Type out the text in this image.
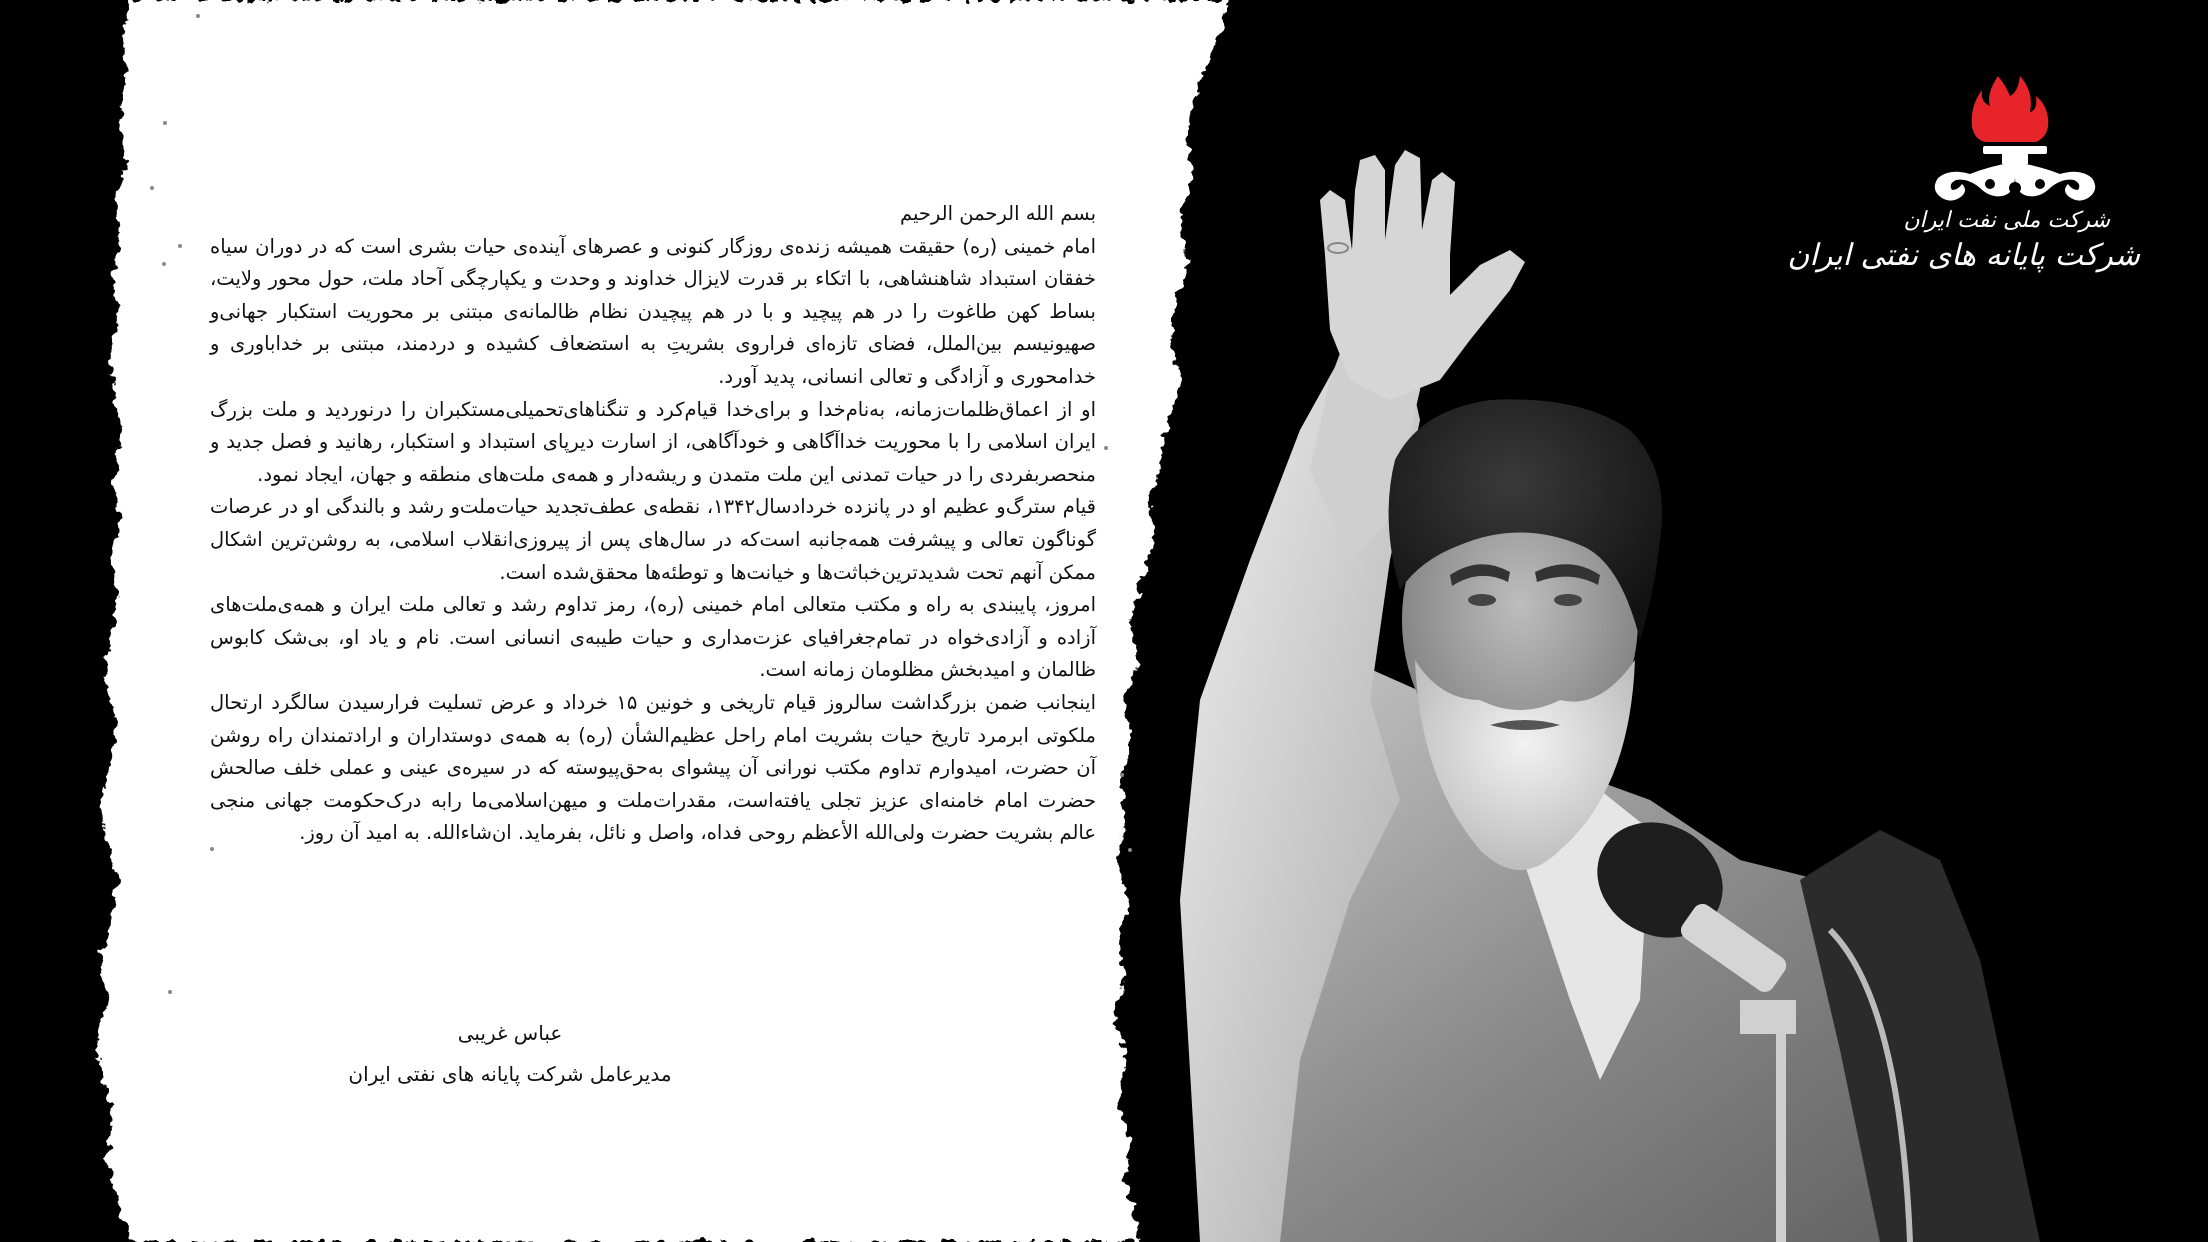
بسم الله الرحمن الرحیم

امام خمینی (ره) حقیقت همیشه زنده‌ی روزگار کنونی و عصرهای آینده‌ی حیات بشری است که در دوران سیاه خفقان استبداد شاهنشاهی، با اتکاء بر قدرت لایزال خداوند و وحدت و یکپارچگی آحاد ملت، حول محور ولایت، بساط کهن طاغوت را در هم پیچید و با در هم پیچیدن نظام ظالمانه‌ی مبتنی بر محوریت استکبار جهانی‌و صهیونیسم بین‌الملل، فضای تازه‌ای فراروی بشریتِ به استضعاف کشیده و دردمند، مبتنی بر خداباوری و خدامحوری و آزادگی و تعالی انسانی، پدید آورد.

او از اعماق‌ظلمات‌زمانه، به‌نام‌خدا و برای‌خدا قیام‌کرد و تنگناهای‌تحمیلی‌مستکبران را درنوردید و ملت بزرگ ایران اسلامی را با محوریت خداآگاهی و خودآگاهی، از اسارت دیرپای استبداد و استکبار، رهانید و فصل جدید و منحصربفردی را در حیات تمدنی این ملت متمدن و ریشه‌دار و همه‌ی ملت‌های منطقه و جهان، ایجاد نمود.

قیام سترگ‌و عظیم او در پانزده خردادسال۱۳۴۲، نقطه‌ی عطف‌تجدید حیات‌ملت‌و رشد و بالندگی او در عرصات گوناگون تعالی و پیشرفت همه‌جانبه است‌که در سال‌های پس از پیروزی‌انقلاب اسلامی، به روشن‌ترین اشکال ممکن آنهم تحت شدیدترین‌خباثت‌ها و خیانت‌ها و توطئه‌ها محقق‌شده است.

امروز، پایبندی به راه و مکتب متعالی امام خمینی (ره)، رمز تداوم رشد و تعالی ملت ایران و همه‌ی‌ملت‌های آزاده و آزادی‌خواه در تمام‌جغرافیای عزت‌مداری و حیات طیبه‌ی انسانی است. نام و یاد او، بی‌شک کابوس ظالمان و امیدبخش مظلومان زمانه است.

اینجانب ضمن بزرگداشت سالروز قیام تاریخی و خونین ۱۵ خرداد و عرض تسلیت فرارسیدن سالگرد ارتحال ملکوتی ابرمرد تاریخ حیات بشریت امام راحل عظیم‌الشأن (ره) به همه‌ی دوستداران و ارادتمندان راه روشن آن حضرت، امیدوارم تداوم مکتب نورانی آن پیشوای به‌حق‌پیوسته که در سیره‌ی عینی و عملی خلف صالحش حضرت امام خامنه‌ای عزیز تجلی یافته‌است، مقدرات‌ملت و میهن‌اسلامی‌ما رابه درک‌حکومت جهانی منجی عالم بشریت حضرت ولی‌الله الأعظم روحی فداه، واصل و نائل، بفرماید. ان‌شاءالله. به امید آن روز.

عباس غریبی
مدیرعامل شرکت پایانه های نفتی ایران
شرکت ملی نفت ایران
شرکت پایانه های نفتی ایران
